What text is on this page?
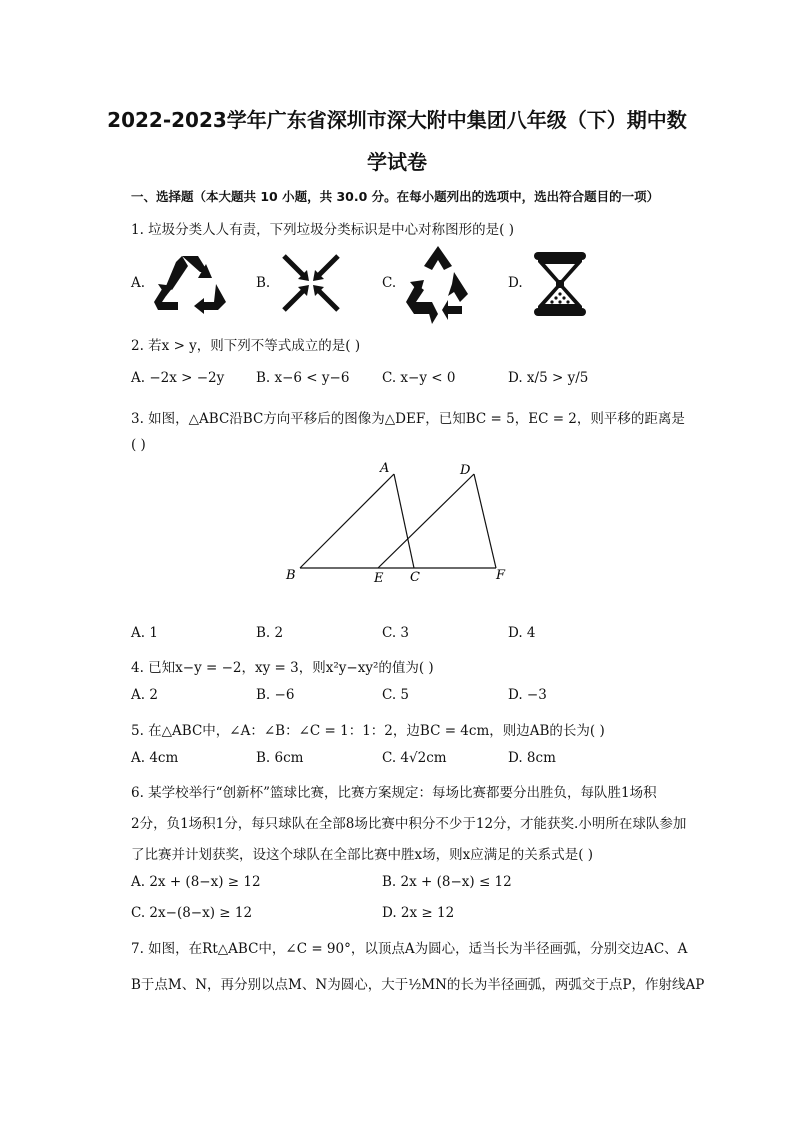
2022-2023学年广东省深圳市深大附中集团八年级（下）期中数
学试卷
一、选择题（本大题共 10 小题，共 30.0 分。在每小题列出的选项中，选出符合题目的一项）
1. 垃圾分类人人有责，下列垃圾分类标识是中心对称图形的是( )
A.	B.	C.	D.
2. 若x > y，则下列不等式成立的是( )
A. −2x > −2y B. x−6 < y−6 C. x−y < 0	D. x/5 > y/5
3. 如图，△ABC沿BC方向平移后的图像为△DEF，已知BC = 5，EC = 2，则平移的距离是
( )
A	D
B	E C	F
A. 1	B. 2	C. 3	D. 4
4. 已知x−y = −2，xy = 3，则x²y−xy²的值为( )
A. 2	B. −6	C. 5	D. −3
5. 在△ABC中，∠A：∠B：∠C = 1：1：2，边BC = 4cm，则边AB的长为( )
A. 4cm	B. 6cm	C. 4√2cm	D. 8cm
6. 某学校举行“创新杯”篮球比赛，比赛方案规定：每场比赛都要分出胜负，每队胜1场积
2分，负1场积1分，每只球队在全部8场比赛中积分不少于12分，才能获奖.小明所在球队参加
了比赛并计划获奖，设这个球队在全部比赛中胜x场，则x应满足的关系式是( )
A. 2x + (8−x) ≥ 12	B. 2x + (8−x) ≤ 12
C. 2x−(8−x) ≥ 12	D. 2x ≥ 12
7. 如图，在Rt△ABC中，∠C = 90°，以顶点A为圆心，适当长为半径画弧，分别交边AC、A
B于点M、N，再分别以点M、N为圆心，大于½MN的长为半径画弧，两弧交于点P，作射线AP
